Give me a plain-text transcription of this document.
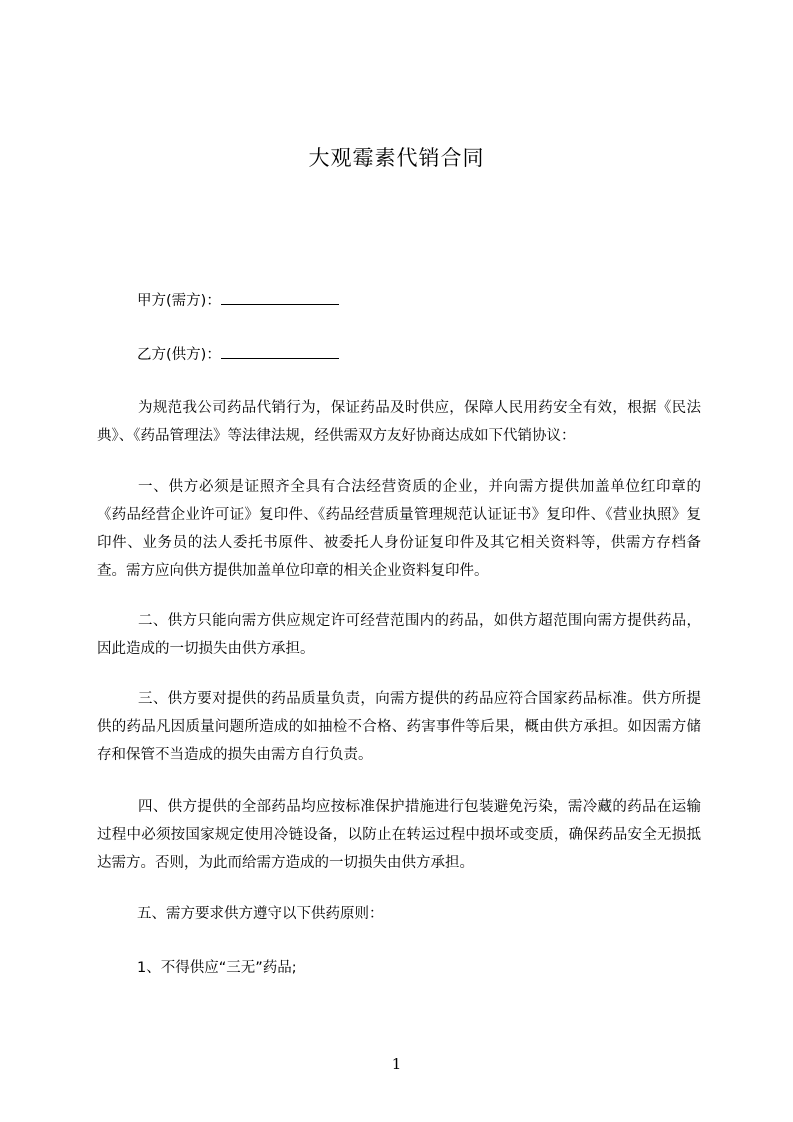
大观霉素代销合同
甲方(需方)：
乙方(供方)：
为规范我公司药品代销行为，保证药品及时供应，保障人民用药安全有效，根据《民法典》、《药品管理法》等法律法规，经供需双方友好协商达成如下代销协议：
一、供方必须是证照齐全具有合法经营资质的企业，并向需方提供加盖单位红印章的《药品经营企业许可证》复印件、《药品经营质量管理规范认证证书》复印件、《营业执照》复印件、业务员的法人委托书原件、被委托人身份证复印件及其它相关资料等，供需方存档备查。需方应向供方提供加盖单位印章的相关企业资料复印件。
二、供方只能向需方供应规定许可经营范围内的药品，如供方超范围向需方提供药品，因此造成的一切损失由供方承担。
三、供方要对提供的药品质量负责，向需方提供的药品应符合国家药品标准。供方所提供的药品凡因质量问题所造成的如抽检不合格、药害事件等后果，概由供方承担。如因需方储存和保管不当造成的损失由需方自行负责。
四、供方提供的全部药品均应按标准保护措施进行包装避免污染，需冷藏的药品在运输过程中必须按国家规定使用冷链设备，以防止在转运过程中损坏或变质，确保药品安全无损抵达需方。否则，为此而给需方造成的一切损失由供方承担。
五、需方要求供方遵守以下供药原则：
1、不得供应“三无”药品;
1
